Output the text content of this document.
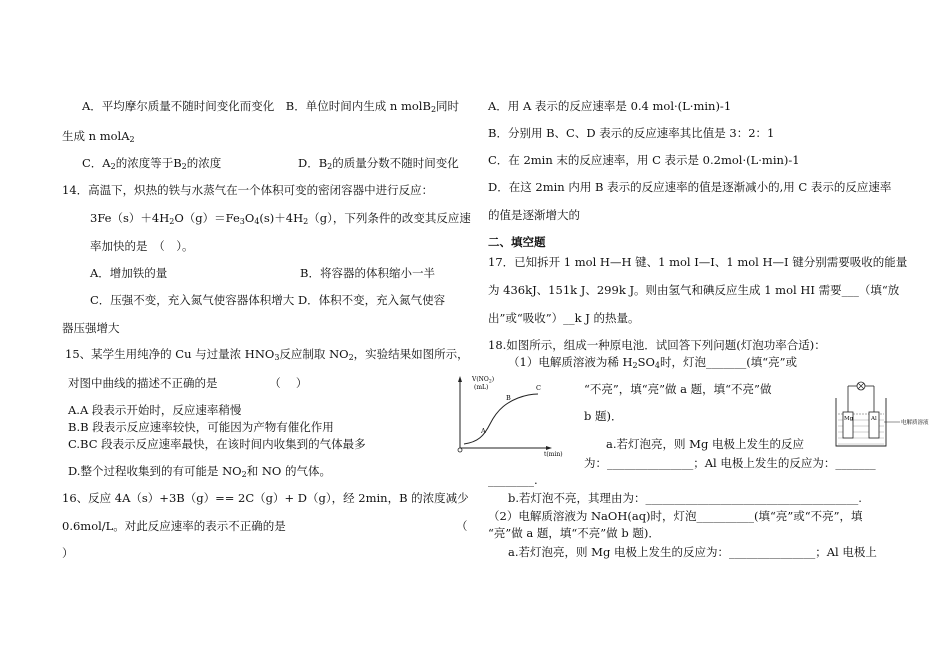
A．平均摩尔质量不随时间变化而变化　B．单位时间内生成 n molB$_2$同时
生成 n molA$_2$
C．$A_2$的浓度等于$B_2$的浓度	D．$B_2$的质量分数不随时间变化
14．高温下，炽热的铁与水蒸气在一个体积可变的密闭容器中进行反应：
$3Fe(s)+4H_2O(g)=Fe_3O_4(s)+4H_2(g)$，下列条件的改变其反应速
率加快的是　（　）。
A．增加铁的量	B．将容器的体积缩小一半
C．压强不变，充入氮气使容器体积增大 D．体积不变，充入氮气使容
器压强增大
15、某学生用纯净的 Cu 与过量浓 $HNO_3$反应制取 $NO_2$，实验结果如图所示，
对图中曲线的描述不正确的是　　　　　（　 ）
A.A 段表示开始时，反应速率稍慢
B.B 段表示反应速率较快，可能因为产物有催化作用
C.BC 段表示反应速率最快，在该时间内收集到的气体最多
D.整个过程收集到的有可能是 $NO_2$和 NO 的气体。
16、反应 4A（s）+3B（g）== 2C（g）+ D（g），经 2min，B 的浓度减少
0.6mol/L。对此反应速率的表示不正确的是	（
）
$V(NO_2)$
(mL)
t(min)
A
B
C
A．用 A 表示的反应速率是 0.4 mol·(L·min)-1
B．分别用 B、C、D 表示的反应速率其比值是 3：2：1
C．在 2min 末的反应速率，用 C 表示是 0.2mol·(L·min)-1
D．在这 2min 内用 B 表示的反应速率的值是逐渐减小的,用 C 表示的反应速率
的值是逐渐增大的
二、填空题
17．已知拆开 1 mol H—H 键、1 mol I—I、1 mol H—I 键分别需要吸收的能量
为 436kJ、151k J、299k J。则由氢气和碘反应生成 1 mol HI 需要___（填“放
出”或“吸收”）__k J 的热量。
18.如图所示，组成一种原电池．试回答下列问题(灯泡功率合适)：
（1）电解质溶液为稀 $H_2SO_4$时，灯泡_______(填“亮”或
“不亮”，填“亮”做 a 题，填“不亮”做
b 题)．
a.若灯泡亮，则 Mg 电极上发生的反应
为：_______________；Al 电极上发生的反应为：_______
________.
b.若灯泡不亮，其理由为：_____________________________________.
（2）电解质溶液为 NaOH(aq)时，灯泡__________(填“亮”或“不亮”，填
“亮”做 a 题，填“不亮”做 b 题)．
a.若灯泡亮，则 Mg 电极上发生的反应为：_______________；Al 电极上
Mg	Al
电解质溶液
